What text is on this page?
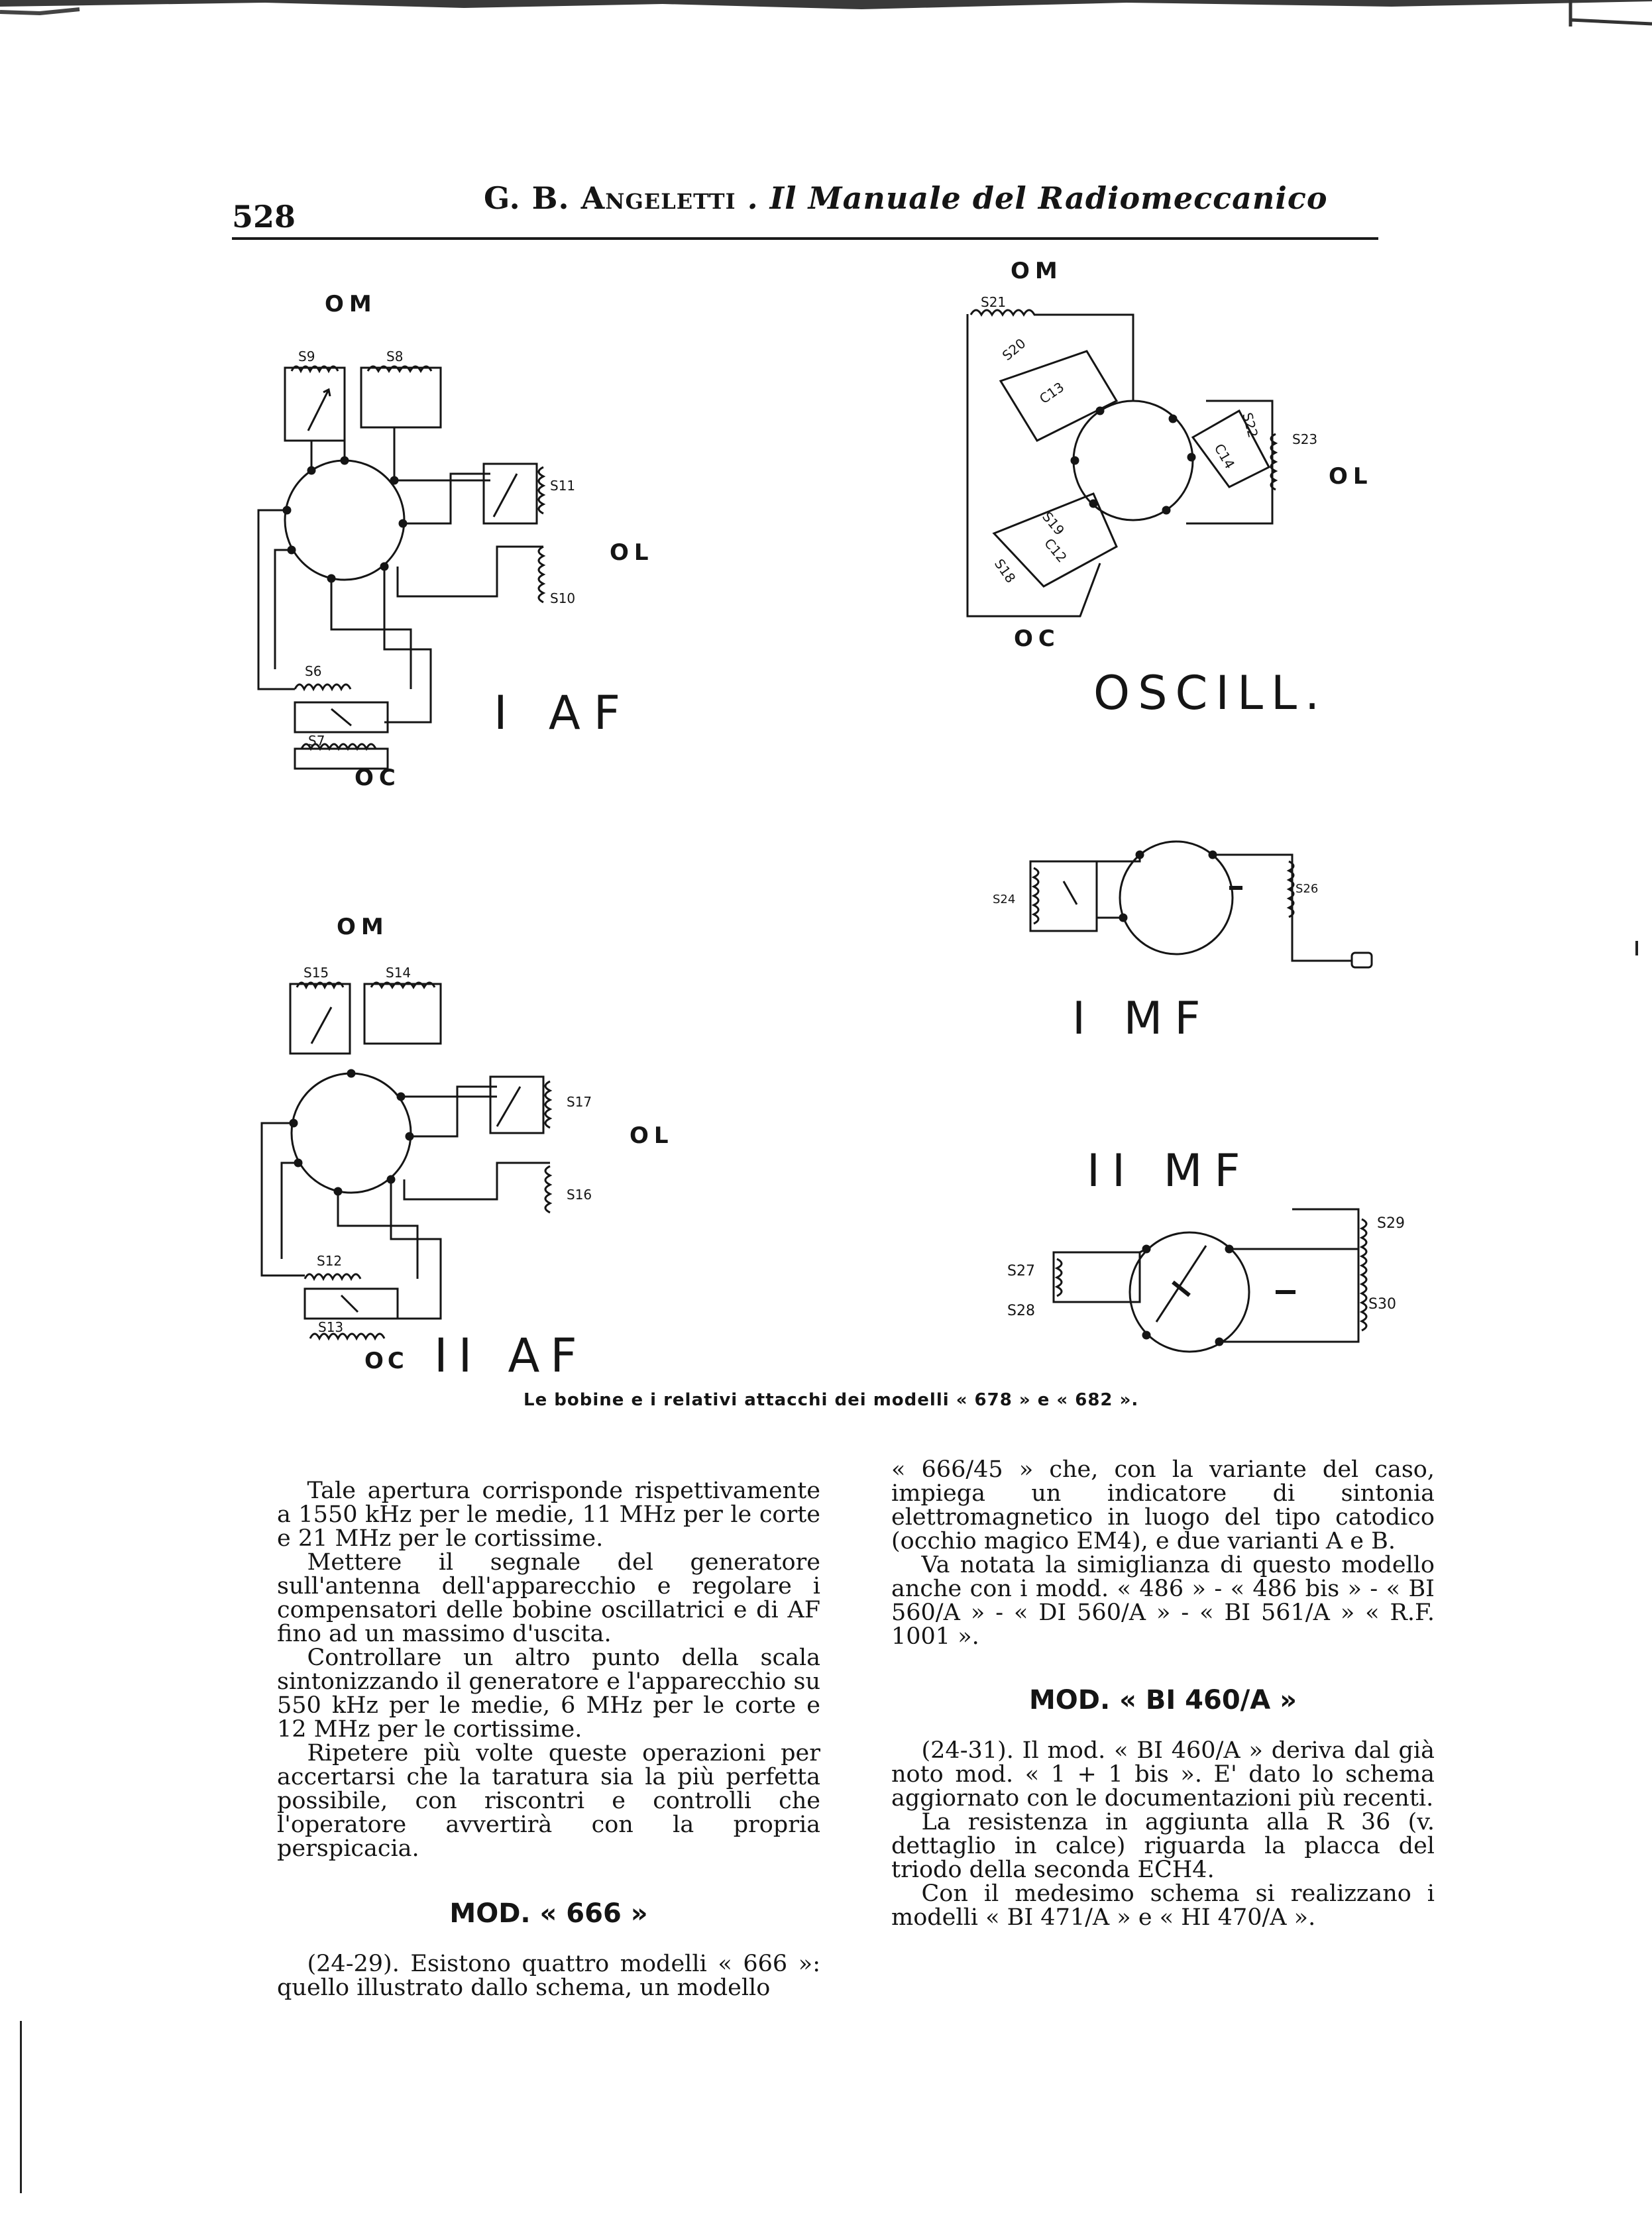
528
G. B. Angeletti . Il Manuale del Radiomeccanico
OM
S9	S8
S11
OL
S10
S6
S7
OC
I AF
OM
S21
S20
C13
C14
S22 S23
OL
S19
C12
S18
OC
OSCILL.
S24
S26
I MF
OM
S15	S14
S17
OL
S16
S12
S13
OC II AF
II MF
S27
S28
S29
S30
Le bobine e i relativi attacchi dei modelli « 678 » e « 682 ».

Tale apertura corrisponde rispettivamente a 1550 kHz per le medie, 11 MHz per le corte e 21 MHz per le cortissime.

Mettere il segnale del generatore sull'antenna dell'apparecchio e regolare i compensatori delle bobine oscillatrici e di AF fino ad un massimo d'uscita.

Controllare un altro punto della scala sintonizzando il generatore e l'apparecchio su 550 kHz per le medie, 6 MHz per le corte e 12 MHz per le cortissime.

Ripetere più volte queste operazioni per accertarsi che la taratura sia la più perfetta possibile, con riscontri e controlli che l'operatore avvertirà con la propria perspicacia.

MOD. « 666 »

(24-29). Esistono quattro modelli « 666 »: quello illustrato dallo schema, un modello

« 666/45 » che, con la variante del caso, impiega un indicatore di sintonia elettromagnetico in luogo del tipo catodico (occhio magico EM4), e due varianti A e B.

Va notata la simiglianza di questo modello anche con i modd. « 486 » - « 486 bis » - « BI 560/A » - « DI 560/A » - « BI 561/A » « R.F. 1001 ».

MOD. « BI 460/A »

(24-31). Il mod. « BI 460/A » deriva dal già noto mod. « 1 + 1 bis ». E' dato lo schema aggiornato con le documentazioni più recenti.

La resistenza in aggiunta alla R 36 (v. dettaglio in calce) riguarda la placca del triodo della seconda ECH4.

Con il medesimo schema si realizzano i modelli « BI 471/A » e « HI 470/A ».
